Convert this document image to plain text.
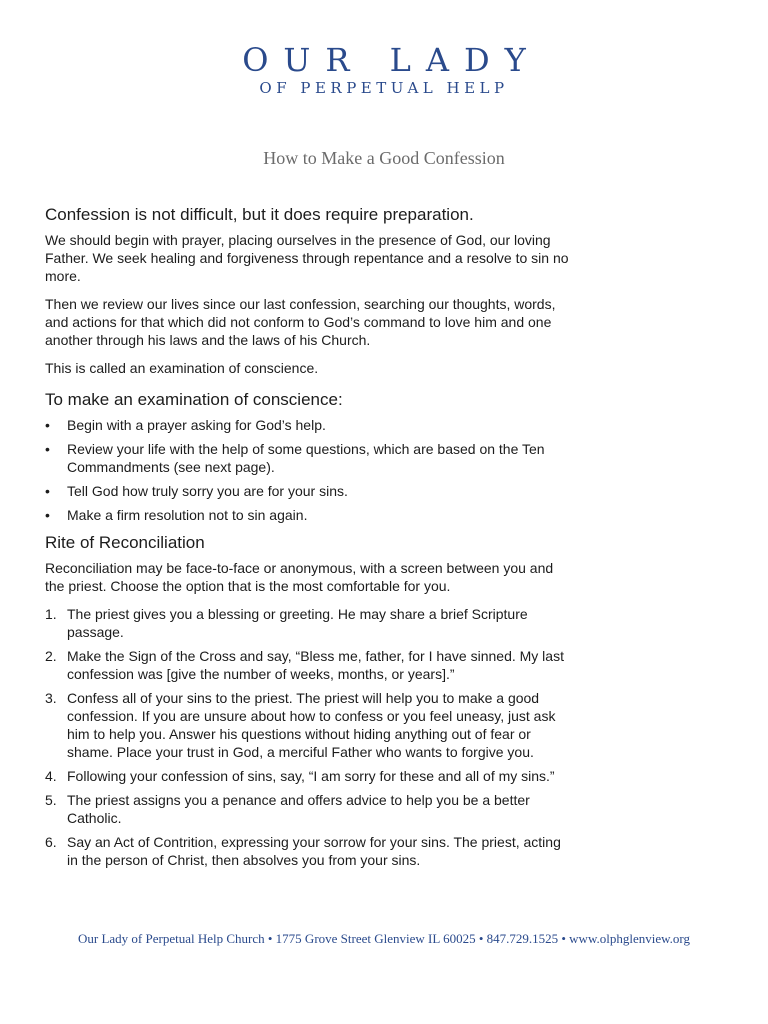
OUR LADY
OF PERPETUAL HELP
How to Make a Good Confession
Confession is not difficult, but it does require preparation.

We should begin with prayer, placing ourselves in the presence of God, our loving Father. We seek healing and forgiveness through repentance and a resolve to sin no more.

Then we review our lives since our last confession, searching our thoughts, words, and actions for that which did not conform to God’s command to love him and one another through his laws and the laws of his Church.

This is called an examination of conscience.

To make an examination of conscience:
• Begin with a prayer asking for God’s help.
• Review your life with the help of some questions, which are based on the Ten Commandments (see next page).
• Tell God how truly sorry you are for your sins.
• Make a firm resolution not to sin again.
Rite of Reconciliation

Reconciliation may be face-to-face or anonymous, with a screen between you and the priest. Choose the option that is the most comfortable for you.

1. The priest gives you a blessing or greeting. He may share a brief Scripture passage.
2. Make the Sign of the Cross and say, “Bless me, father, for I have sinned. My last confession was [give the number of weeks, months, or years].”
3. Confess all of your sins to the priest. The priest will help you to make a good confession. If you are unsure about how to confess or you feel uneasy, just ask him to help you. Answer his questions without hiding anything out of fear or shame. Place your trust in God, a merciful Father who wants to forgive you.
4. Following your confession of sins, say, “I am sorry for these and all of my sins.”
5. The priest assigns you a penance and offers advice to help you be a better Catholic.
6. Say an Act of Contrition, expressing your sorrow for your sins. The priest, acting in the person of Christ, then absolves you from your sins.
Our Lady of Perpetual Help Church • 1775 Grove Street Glenview IL 60025 • 847.729.1525 • www.olphglenview.org
